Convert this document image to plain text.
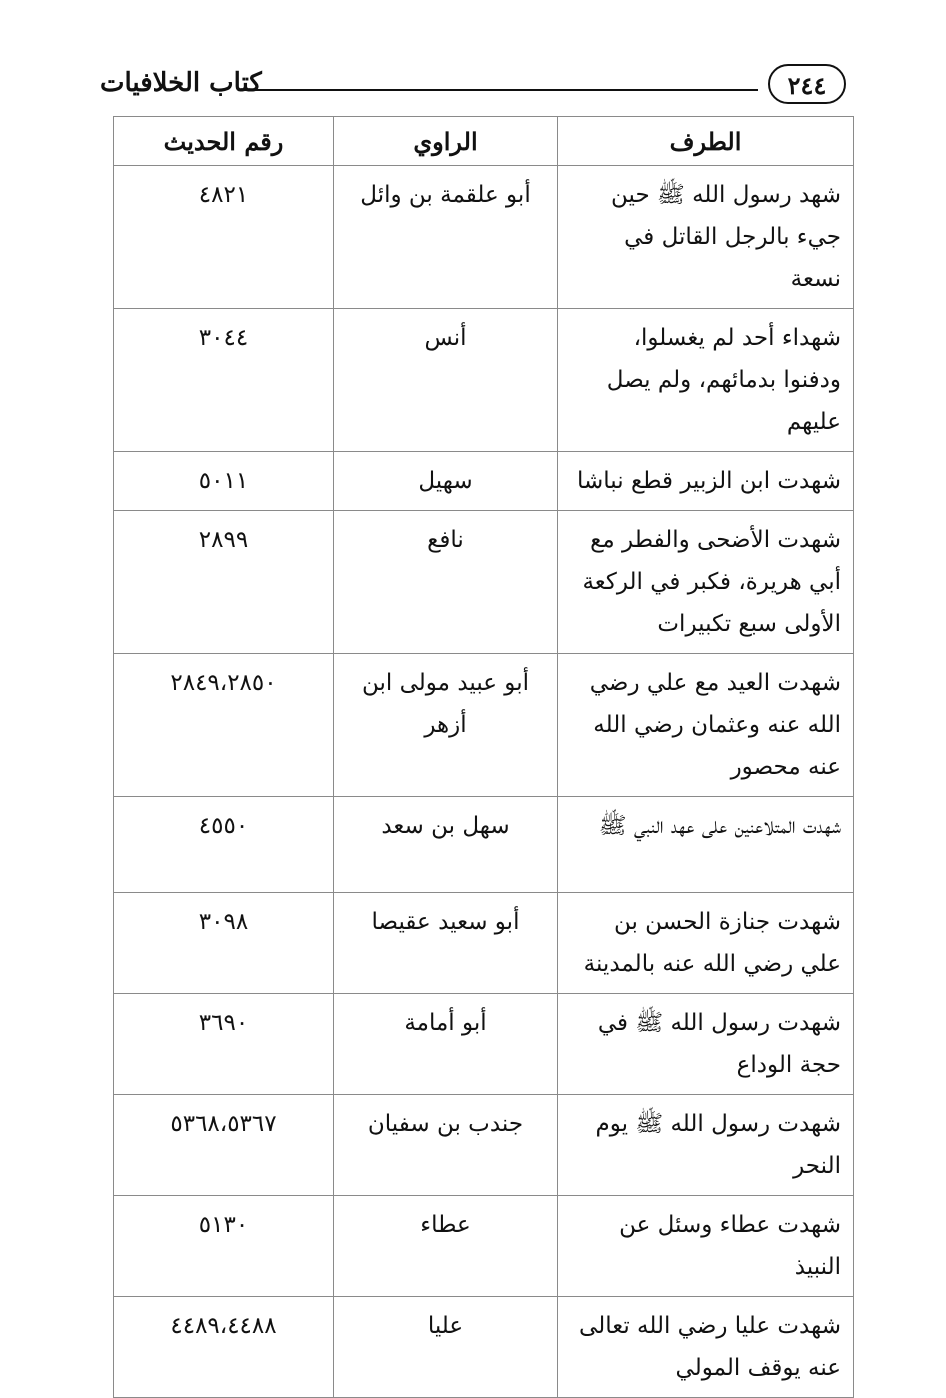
كتاب الخلافيات	٢٤٤
الطرف	الراوي	رقم الحديث
شهد رسول الله ﷺ حين جيء بالرجل القاتل في نسعة	أبو علقمة بن وائل	٤٨٢١
شهداء أحد لم يغسلوا، ودفنوا بدمائهم، ولم يصل عليهم	أنس	٣٠٤٤
شهدت ابن الزبير قطع نباشا	سهيل	٥٠١١
شهدت الأضحى والفطر مع أبي هريرة، فكبر في الركعة الأولى سبع تكبيرات	نافع	٢٨٩٩
شهدت العيد مع علي رضي الله عنه وعثمان رضي الله عنه محصور	أبو عبيد مولى ابن أزهر	٢٨٤٩،٢٨٥٠
شهدت المتلاعنين على عهد النبي ﷺ	سهل بن سعد	٤٥٥٠
شهدت جنازة الحسن بن علي رضي الله عنه بالمدينة	أبو سعيد عقيصا	٣٠٩٨
شهدت رسول الله ﷺ في حجة الوداع	أبو أمامة	٣٦٩٠
شهدت رسول الله ﷺ يوم النحر	جندب بن سفيان	٥٣٦٨،٥٣٦٧
شهدت عطاء وسئل عن النبيذ	عطاء	٥١٣٠
شهدت عليا رضي الله تعالى عنه يوقف المولي	عليا	٤٤٨٩،٤٤٨٨
